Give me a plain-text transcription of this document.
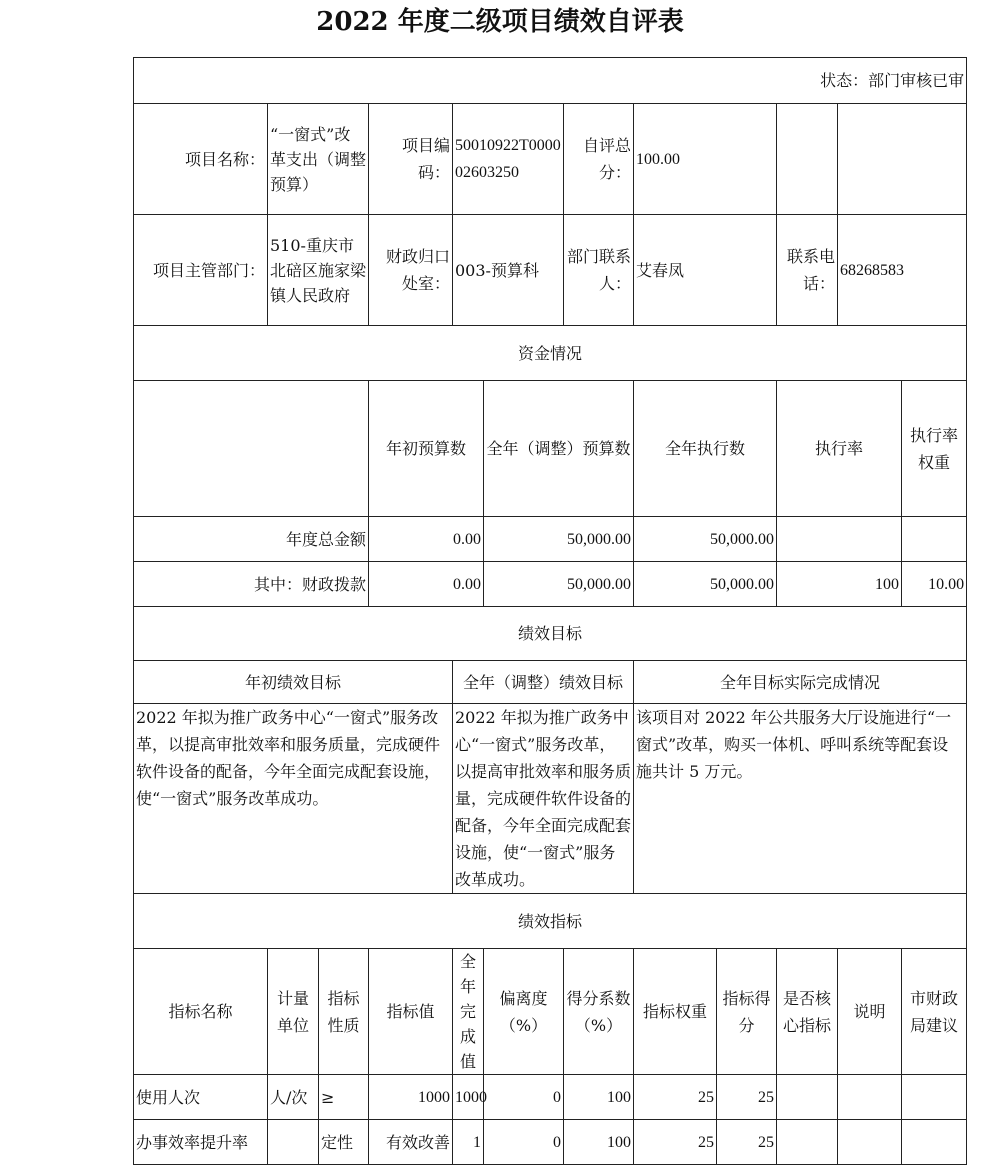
2022 年度二级项目绩效自评表
状态：部门审核已审												
项目名称：	“一窗式”改革支出（调整预算）		项目编码：	50010922T000002603250		自评总分：	100.00					
项目主管部门：	510-重庆市北碚区施家梁镇人民政府		财政归口处室：	003-预算科		部门联系人：	艾春凤		联系电话：	68268583		
资金情况												
			年初预算数		全年（调整）预算数		全年执行数		执行率		执行率权重	
年度总金额			0.00		50,000.00		50,000.00					
其中：财政拨款			0.00		50,000.00		50,000.00		100		10.00	
绩效目标												
年初绩效目标				全年（调整）绩效目标			全年目标实际完成情况					
2022 年拟为推广政务中心“一窗式”服务改革，以提高审批效率和服务质量，完成硬件软件设备的配备，今年全面完成配套设施，使“一窗式”服务改革成功。				2022 年拟为推广政务中心“一窗式”服务改革，以提高审批效率和服务质量，完成硬件软件设备的配备，今年全面完成配套设施，使“一窗式”服务改革成功。			该项目对 2022 年公共服务大厅设施进行“一窗式”改革，购买一体机、呼叫系统等配套设施共计 5 万元。					
绩效指标												
指标名称	计量单位	指标性质	指标值	全年完成值	偏离度（%）	得分系数（%）	指标权重	指标得分	是否核心指标	说明	市财政局建议	
使用人次	人/次	≥	1000	1000	0	100	25	25				
办事效率提升率		定性	有效改善	1	0	100	25	25				
